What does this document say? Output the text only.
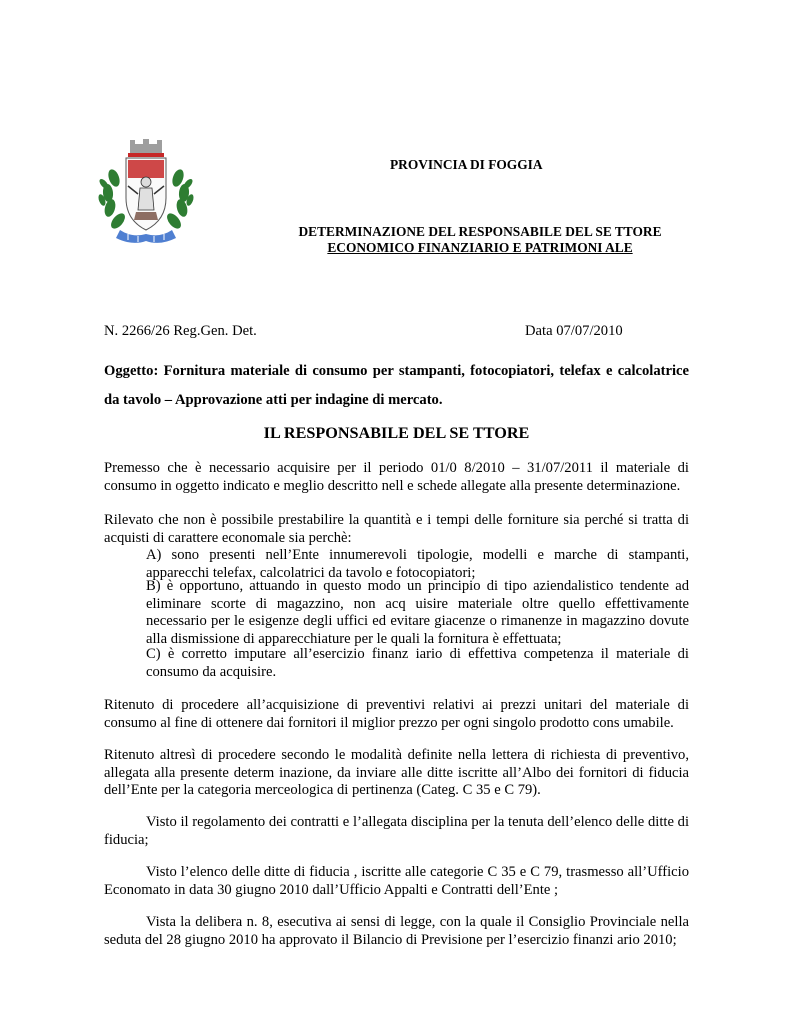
PROVINCIA DI FOGGIA
DETERMINAZIONE DEL RESPONSABILE DEL SE TTORE
ECONOMICO FINANZIARIO E PATRIMONI ALE
N. 2266/26 Reg.Gen. Det.	Data 07/07/2010
Oggetto: Fornitura materiale di consumo per stampanti, fotocopiatori, telefax e calcolatrice da tavolo – Approvazione atti per indagine di mercato.
IL RESPONSABILE DEL SE TTORE
Premesso che è necessario acquisire per il periodo 01/0 8/2010 – 31/07/2011 il materiale di consumo in oggetto indicato e meglio descritto nell e schede allegate alla presente determinazione.
Rilevato che non è possibile prestabilire la quantità e i tempi delle forniture sia perché si tratta di acquisti di carattere economale sia perchè:
A) sono presenti nell’Ente innumerevoli tipologie, modelli e marche di stampanti, apparecchi telefax, calcolatrici da tavolo e fotocopiatori;
B) è opportuno, attuando in questo modo un principio di tipo aziendalistico tendente ad eliminare scorte di magazzino, non acq uisire materiale oltre quello effettivamente necessario per le esigenze degli uffici ed evitare giacenze o rimanenze in magazzino dovute alla dismissione di apparecchiature per le quali la fornitura è effettuata;
C) è corretto imputare all’esercizio finanz iario di effettiva competenza il materiale di consumo da acquisire.
Ritenuto di procedere all’acquisizione di preventivi relativi ai prezzi unitari del materiale di consumo al fine di ottenere dai fornitori il miglior prezzo per ogni singolo prodotto cons umabile.
Ritenuto altresì di procedere secondo le modalità definite nella lettera di richiesta di preventivo, allegata alla presente determ inazione, da inviare alle ditte iscritte all’Albo dei fornitori di fiducia dell’Ente per la categoria merceologica di pertinenza (Categ. C 35 e C 79).
Visto il regolamento dei contratti e l’allegata disciplina per la tenuta dell’elenco delle ditte di fiducia;
Visto l’elenco delle ditte di fiducia , iscritte alle categorie C 35 e C 79, trasmesso all’Ufficio Economato in data 30 giugno 2010 dall’Ufficio Appalti e Contratti dell’Ente ;
Vista la delibera n. 8, esecutiva ai sensi di legge, con la quale il Consiglio Provinciale nella seduta del 28 giugno 2010 ha approvato il Bilancio di Previsione per l’esercizio finanzi ario 2010;
